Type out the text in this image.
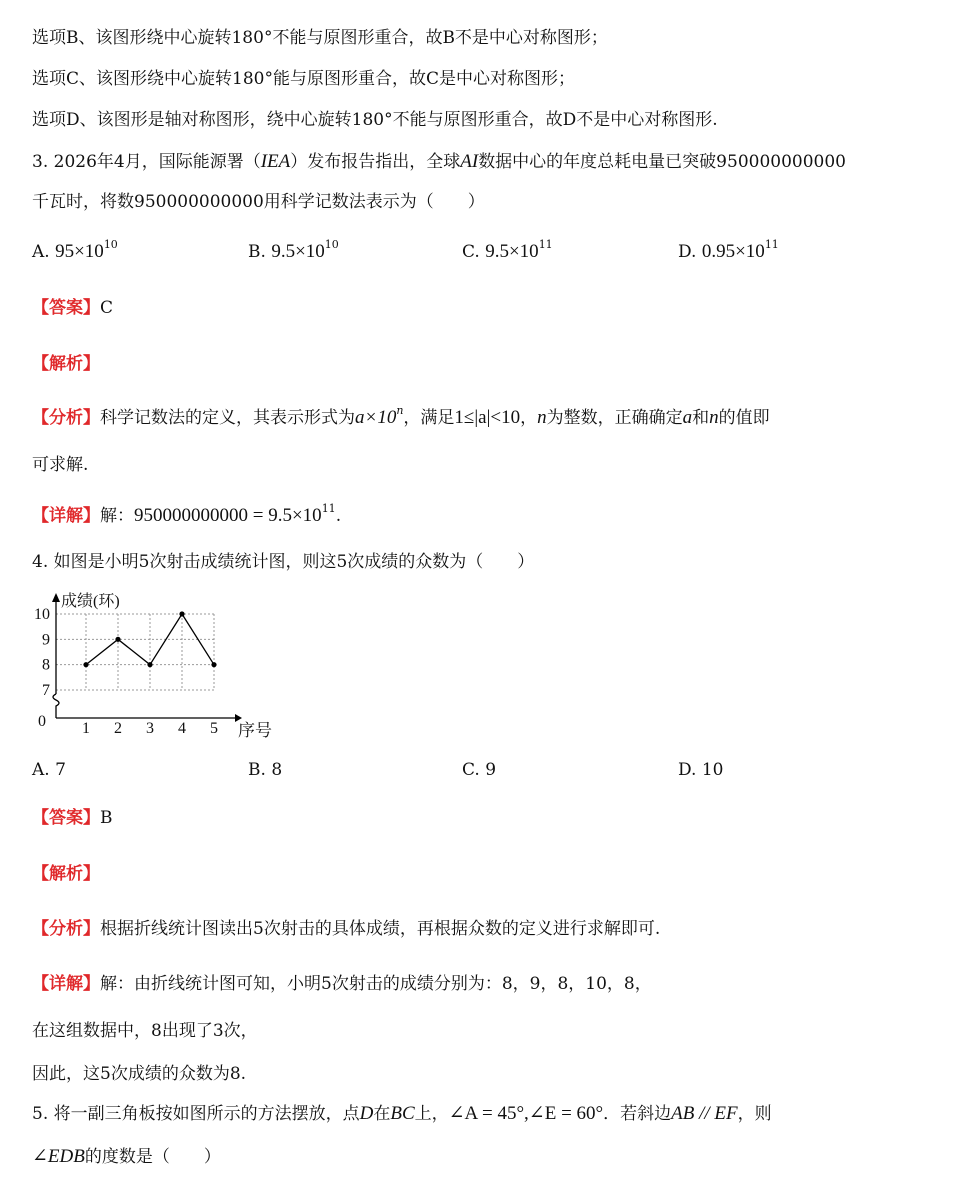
选项B、该图形绕中心旋转180°不能与原图形重合，故B不是中心对称图形；
选项C、该图形绕中心旋转180°能与原图形重合，故C是中心对称图形；
选项D、该图形是轴对称图形，绕中心旋转180°不能与原图形重合，故D不是中心对称图形.
3. 2026年4月，国际能源署（IEA）发布报告指出，全球AI数据中心的年度总耗电量已突破950000000000
千瓦时，将数950000000000用科学记数法表示为（　　）
A. $95\times 10^{10}$	B. $9.5\times 10^{10}$	C. $9.5\times 10^{11}$	D. $0.95\times 10^{11}$
【答案】C
【解析】
【分析】科学记数法的定义，其表示形式为$a\times 10^n$，满足1≤|a|<10，n为整数，正确确定a和n的值即
可求解.
【详解】解：$950000000000 = 9.5\times 10^{11}$.
4. 如图是小明5次射击成绩统计图，则这5次成绩的众数为（　　）
成绩(环)
序号
0
7
8
9
10
1 2 3 4 5
A. 7	B. 8	C. 9	D. 10
【答案】B
【解析】
【分析】根据折线统计图读出5次射击的具体成绩，再根据众数的定义进行求解即可.
【详解】解：由折线统计图可知，小明5次射击的成绩分别为：8，9，8，10，8，
在这组数据中，8出现了3次，
因此，这5次成绩的众数为8.
5. 将一副三角板按如图所示的方法摆放，点D在BC上，∠A = 45°,∠E = 60°．若斜边AB // EF，则
∠EDB的度数是（　　）
